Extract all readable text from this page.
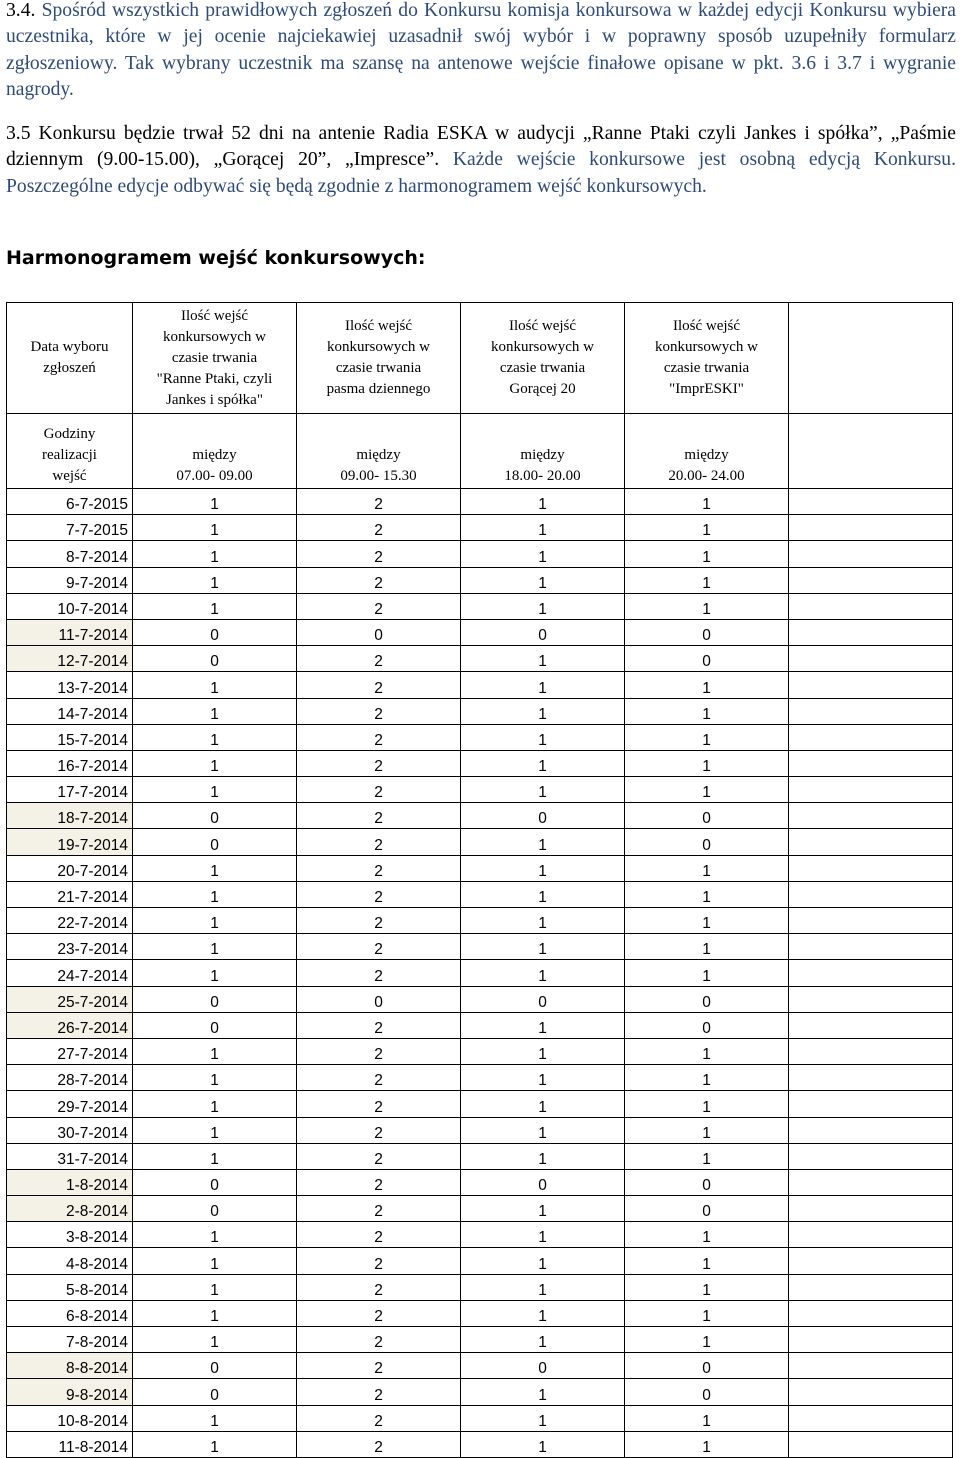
3.4. Spośród wszystkich prawidłowych zgłoszeń do Konkursu komisja konkursowa w każdej edycji Konkursu wybiera uczestnika, które w jej ocenie najciekawiej uzasadnił swój wybór i w poprawny sposób uzupełniły formularz zgłoszeniowy. Tak wybrany uczestnik ma szansę na antenowe wejście finałowe opisane w pkt. 3.6 i 3.7 i wygranie nagrody.

3.5 Konkursu będzie trwał 52 dni na antenie Radia ESKA w audycji „Ranne Ptaki czyli Jankes i spółka”, „Paśmie dziennym (9.00-15.00), „Gorącej 20”, „Impresce”. Każde wejście konkursowe jest osobną edycją Konkursu. Poszczególne edycje odbywać się będą zgodnie z harmonogramem wejść konkursowych.

Harmonogramem wejść konkursowych:
Data wyboru
zgłoszeń	Ilość wejść
konkursowych w
czasie trwania
"Ranne Ptaki, czyli
Jankes i spółka"	Ilość wejść
konkursowych w
czasie trwania
pasma dziennego	Ilość wejść
konkursowych w
czasie trwania
Gorącej 20	Ilość wejść
konkursowych w
czasie trwania
"ImprESKI"	

Godziny
realizacji
wejść	między
07.00- 09.00	między
09.00- 15.30	między
18.00- 20.00	między
20.00- 24.00	

6-7-2015	1	2	1	1	
7-7-2015	1	2	1	1	
8-7-2014	1	2	1	1	
9-7-2014	1	2	1	1	
10-7-2014	1	2	1	1	
11-7-2014	0	0	0	0	
12-7-2014	0	2	1	0	
13-7-2014	1	2	1	1	
14-7-2014	1	2	1	1	
15-7-2014	1	2	1	1	
16-7-2014	1	2	1	1	
17-7-2014	1	2	1	1	
18-7-2014	0	2	0	0	
19-7-2014	0	2	1	0	
20-7-2014	1	2	1	1	
21-7-2014	1	2	1	1	
22-7-2014	1	2	1	1	
23-7-2014	1	2	1	1	
24-7-2014	1	2	1	1	
25-7-2014	0	0	0	0	
26-7-2014	0	2	1	0	
27-7-2014	1	2	1	1	
28-7-2014	1	2	1	1	
29-7-2014	1	2	1	1	
30-7-2014	1	2	1	1	
31-7-2014	1	2	1	1	
1-8-2014	0	2	0	0	
2-8-2014	0	2	1	0	
3-8-2014	1	2	1	1	
4-8-2014	1	2	1	1	
5-8-2014	1	2	1	1	
6-8-2014	1	2	1	1	
7-8-2014	1	2	1	1	
8-8-2014	0	2	0	0	
9-8-2014	0	2	1	0	
10-8-2014	1	2	1	1	
11-8-2014	1	2	1	1	
